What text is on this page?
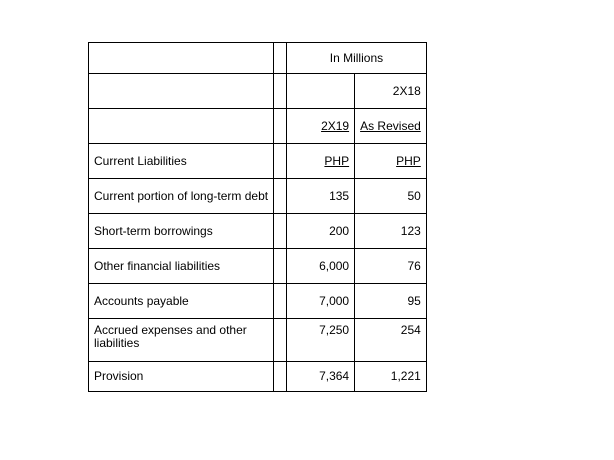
		In Millions	
			2X18
		2X19	As Revised
Current Liabilities		PHP	PHP
Current portion of long-term debt		135	50
Short-term borrowings		200	123
Other financial liabilities		6,000	76
Accounts payable		7,000	95
Accrued expenses and other liabilities		7,250	254
Provision		7,364	1,221
